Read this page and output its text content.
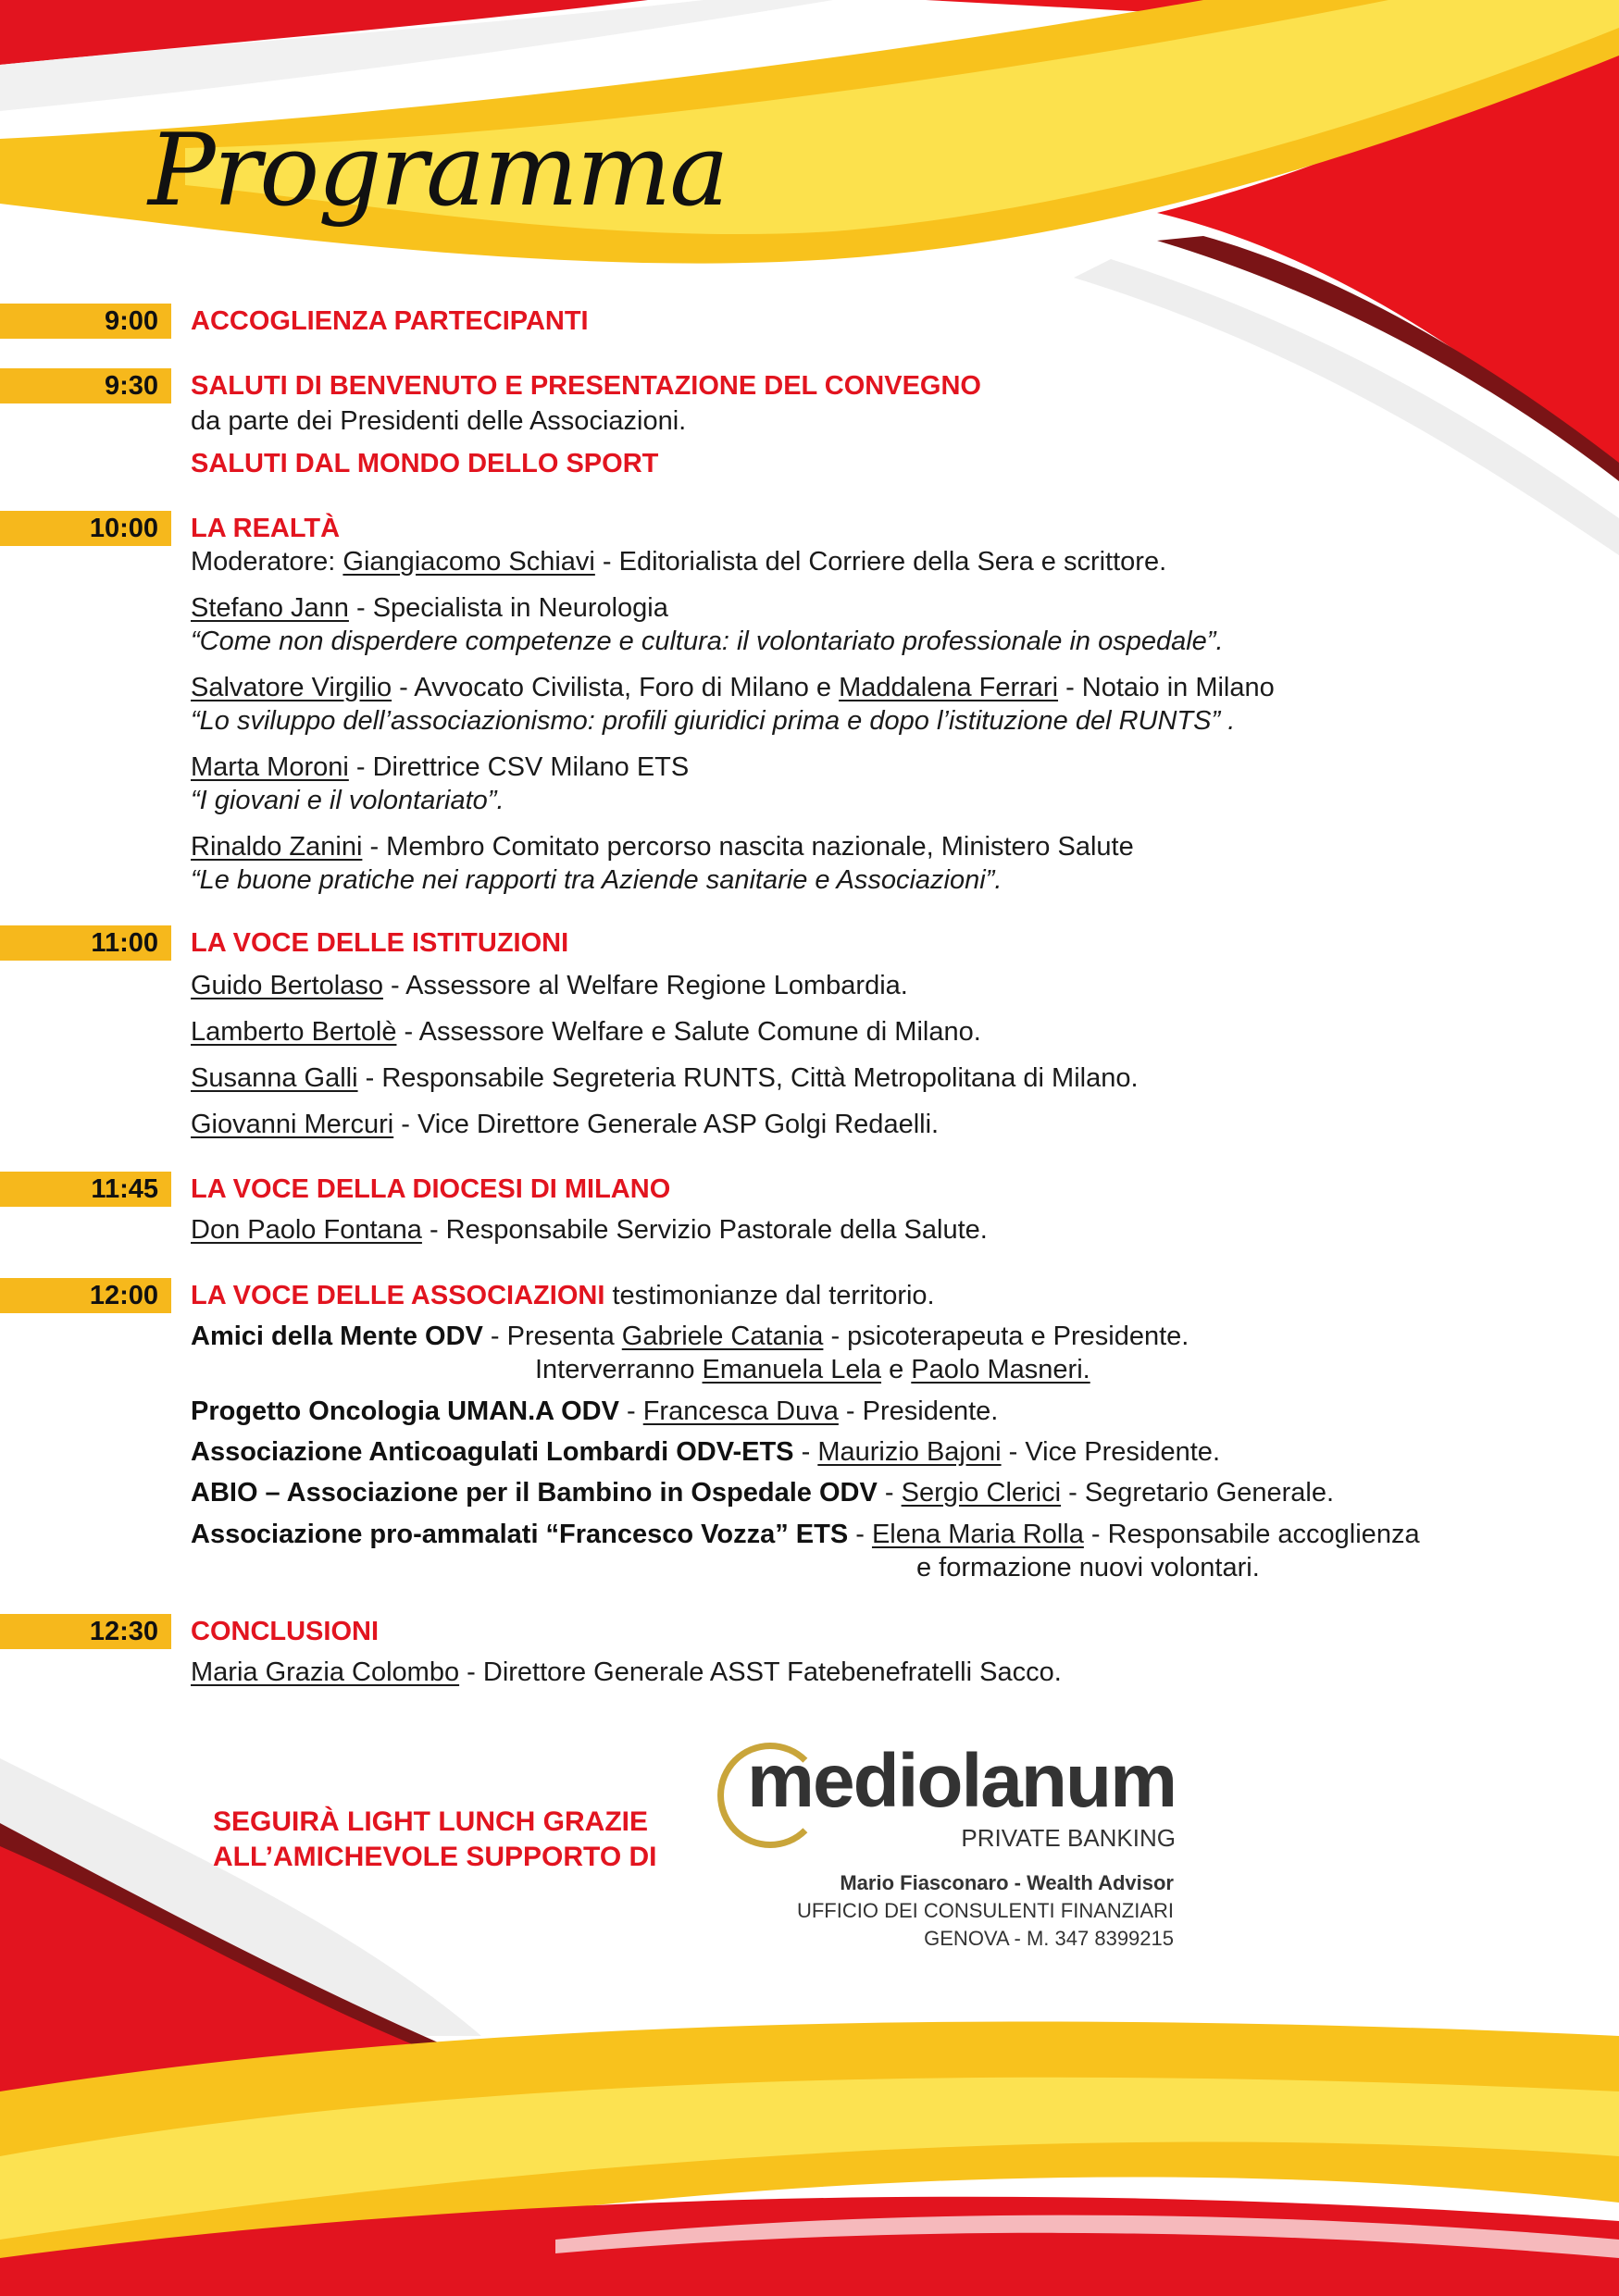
Programma
9:00 ACCOGLIENZA PARTECIPANTI
9:30 SALUTI DI BENVENUTO E PRESENTAZIONE DEL CONVEGNO
da parte dei Presidenti delle Associazioni.
SALUTI DAL MONDO DELLO SPORT
10:00 LA REALTÀ
Moderatore: Giangiacomo Schiavi - Editorialista del Corriere della Sera e scrittore.
Stefano Jann - Specialista in Neurologia
“Come non disperdere competenze e cultura: il volontariato professionale in ospedale”.
Salvatore Virgilio - Avvocato Civilista, Foro di Milano e Maddalena Ferrari - Notaio in Milano
“Lo sviluppo dell’associazionismo: profili giuridici prima e dopo l’istituzione del RUNTS” .
Marta Moroni - Direttrice CSV Milano ETS
“I giovani e il volontariato”.
Rinaldo Zanini - Membro Comitato percorso nascita nazionale, Ministero Salute
“Le buone pratiche nei rapporti tra Aziende sanitarie e Associazioni”.
11:00 LA VOCE DELLE ISTITUZIONI
Guido Bertolaso - Assessore al Welfare Regione Lombardia.
Lamberto Bertolè - Assessore Welfare e Salute Comune di Milano.
Susanna Galli - Responsabile Segreteria RUNTS, Città Metropolitana di Milano.
Giovanni Mercuri - Vice Direttore Generale ASP Golgi Redaelli.
11:45 LA VOCE DELLA DIOCESI DI MILANO
Don Paolo Fontana - Responsabile Servizio Pastorale della Salute.
12:00 LA VOCE DELLE ASSOCIAZIONI testimonianze dal territorio.
Amici della Mente ODV - Presenta Gabriele Catania - psicoterapeuta e Presidente.
Interverranno Emanuela Lela e Paolo Masneri.
Progetto Oncologia UMAN.A ODV - Francesca Duva - Presidente.
Associazione Anticoagulati Lombardi ODV-ETS - Maurizio Bajoni - Vice Presidente.
ABIO – Associazione per il Bambino in Ospedale ODV - Sergio Clerici - Segretario Generale.
Associazione pro-ammalati “Francesco Vozza” ETS - Elena Maria Rolla - Responsabile accoglienza
e formazione nuovi volontari.
12:30 CONCLUSIONI
Maria Grazia Colombo - Direttore Generale ASST Fatebenefratelli Sacco.
SEGUIRÀ LIGHT LUNCH GRAZIE
ALL’AMICHEVOLE SUPPORTO DI
mediolanum
PRIVATE BANKING
Mario Fiasconaro - Wealth Advisor
UFFICIO DEI CONSULENTI FINANZIARI
GENOVA - M. 347 8399215
